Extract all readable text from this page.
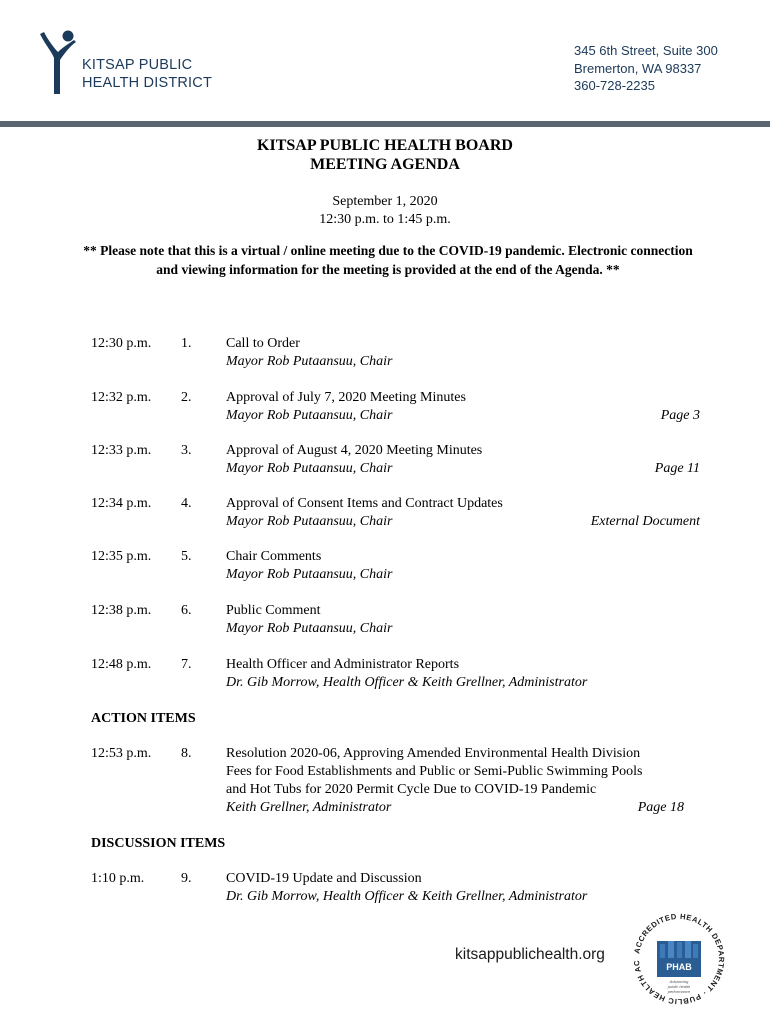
KITSAP PUBLIC
HEALTH DISTRICT
345 6th Street, Suite 300
Bremerton, WA 98337
360-728-2235
KITSAP PUBLIC HEALTH BOARD
MEETING AGENDA
September 1, 2020
12:30 p.m. to 1:45 p.m.
** Please note that this is a virtual / online meeting due to the COVID-19 pandemic. Electronic connection and viewing information for the meeting is provided at the end of the Agenda. **
12:30 p.m. 1. Call to Order
Mayor Rob Putaansuu, Chair
12:32 p.m. 2. Approval of July 7, 2020 Meeting Minutes
Mayor Rob Putaansuu, Chair	Page 3
12:33 p.m. 3. Approval of August 4, 2020 Meeting Minutes
Mayor Rob Putaansuu, Chair	Page 11
12:34 p.m. 4. Approval of Consent Items and Contract Updates
Mayor Rob Putaansuu, Chair	External Document
12:35 p.m. 5. Chair Comments
Mayor Rob Putaansuu, Chair
12:38 p.m. 6. Public Comment
Mayor Rob Putaansuu, Chair
12:48 p.m. 7. Health Officer and Administrator Reports
Dr. Gib Morrow, Health Officer & Keith Grellner, Administrator
ACTION ITEMS
12:53 p.m. 8. Resolution 2020-06, Approving Amended Environmental Health Division
Fees for Food Establishments and Public or Semi-Public Swimming Pools
and Hot Tubs for 2020 Permit Cycle Due to COVID-19 Pandemic
Keith Grellner, Administrator	Page 18
DISCUSSION ITEMS
1:10 p.m.	9. COVID-19 Update and Discussion
Dr. Gib Morrow, Health Officer & Keith Grellner, Administrator
kitsappublichealth.org	ACCREDITED HEALTH DEPARTMENT · PUBLIC HEALTH AC	PHAB
Advancing
public health
performance
